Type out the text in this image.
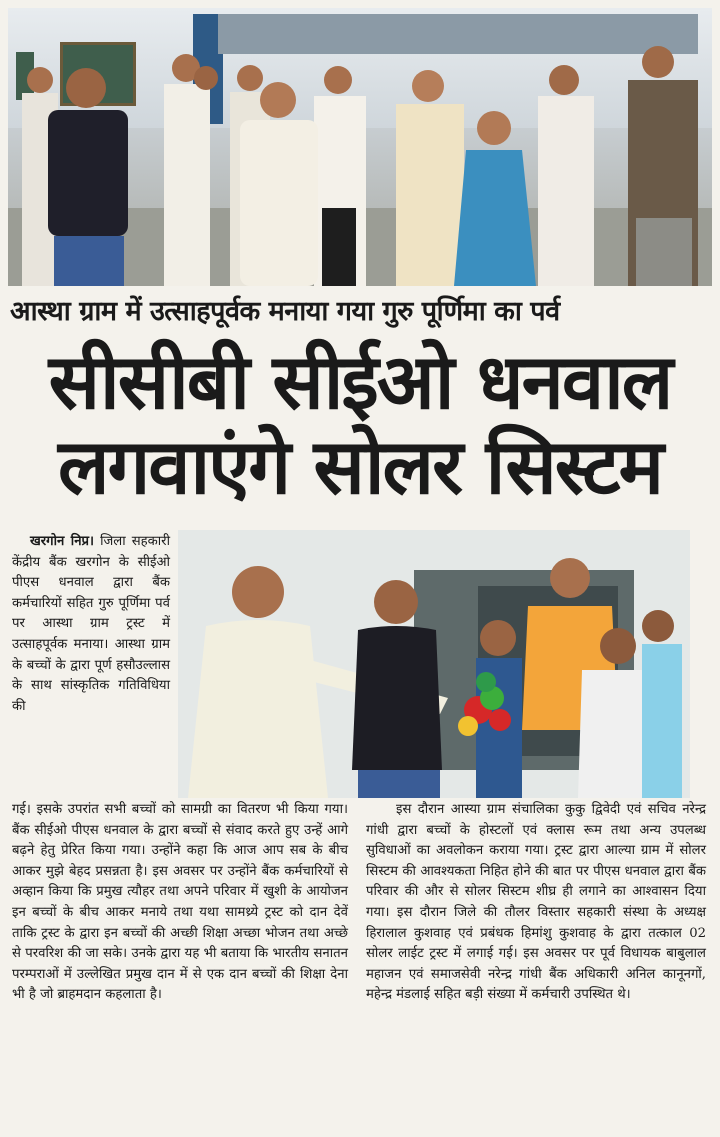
आस्था ग्राम में उत्साहपूर्वक मनाया गया गुरु पूर्णिमा का पर्व
सीसीबी सीईओ धनवाल
लगवाएंगे सोलर सिस्टम

खरगोन निप्र। जिला सहकारी केंद्रीय बैंक खरगोन के सीईओ पीएस धनवाल द्वारा बैंक कर्मचारियों सहित गुरु पूर्णिमा पर्व पर आस्था ग्राम ट्रस्ट में उत्साहपूर्वक मनाया। आस्था ग्राम के बच्चों के द्वारा पूर्ण हसौउल्लास के साथ सांस्कृतिक गतिविधिया की

गई। इसके उपरांत सभी बच्चों को सामग्री का वितरण भी किया गया। बैंक सीईओ पीएस धनवाल के द्वारा बच्चों से संवाद करते हुए उन्हें आगे बढ़ने हेतु प्रेरित किया गया। उन्होंने कहा कि आज आप सब के बीच आकर मुझे बेहद प्रसन्नता है। इस अवसर पर उन्होंने बैंक कर्मचारियों से अव्हान किया कि प्रमुख त्यौहर तथा अपने परिवार में खुशी के आयोजन इन बच्चों के बीच आकर मनाये तथा यथा सामथ्र्ये ट्रस्ट को दान देवें ताकि ट्रस्ट के द्वारा इन बच्चों की अच्छी शिक्षा अच्छा भोजन तथा अच्छे से परवरिश की जा सके। उनके द्वारा यह भी बताया कि भारतीय सनातन परम्पराओं में उल्लेखित प्रमुख दान में से एक दान बच्चों की शिक्षा देना भी है जो ब्राहमदान कहलाता है।

इस दौरान आस्या ग्राम संचालिका कुकु द्विवेदी एवं सचिव नरेन्द्र गांधी द्वारा बच्चों के होस्टलों एवं क्लास रूम तथा अन्य उपलब्ध सुविधाओं का अवलोकन कराया गया। ट्रस्ट द्वारा आल्या ग्राम में सोलर सिस्टम की आवश्यकता निहित होने की बात पर पीएस धनवाल द्वारा बैंक परिवार की और से सोलर सिस्टम शीघ्र ही लगाने का आश्वासन दिया गया। इस दौरान जिले की तौलर विस्तार सहकारी संस्था के अध्यक्ष हिरालाल कुशवाह एवं प्रबंधक हिमांशु कुशवाह के द्वारा तत्काल 02 सोलर लाईट ट्रस्ट में लगाई गई। इस अवसर पर पूर्व विधायक बाबुलाल महाजन एवं समाजसेवी नरेन्द्र गांधी बैंक अधिकारी अनिल कानूनगों, महेन्द्र मंडलाई सहित बड़ी संख्या में कर्मचारी उपस्थित थे।
